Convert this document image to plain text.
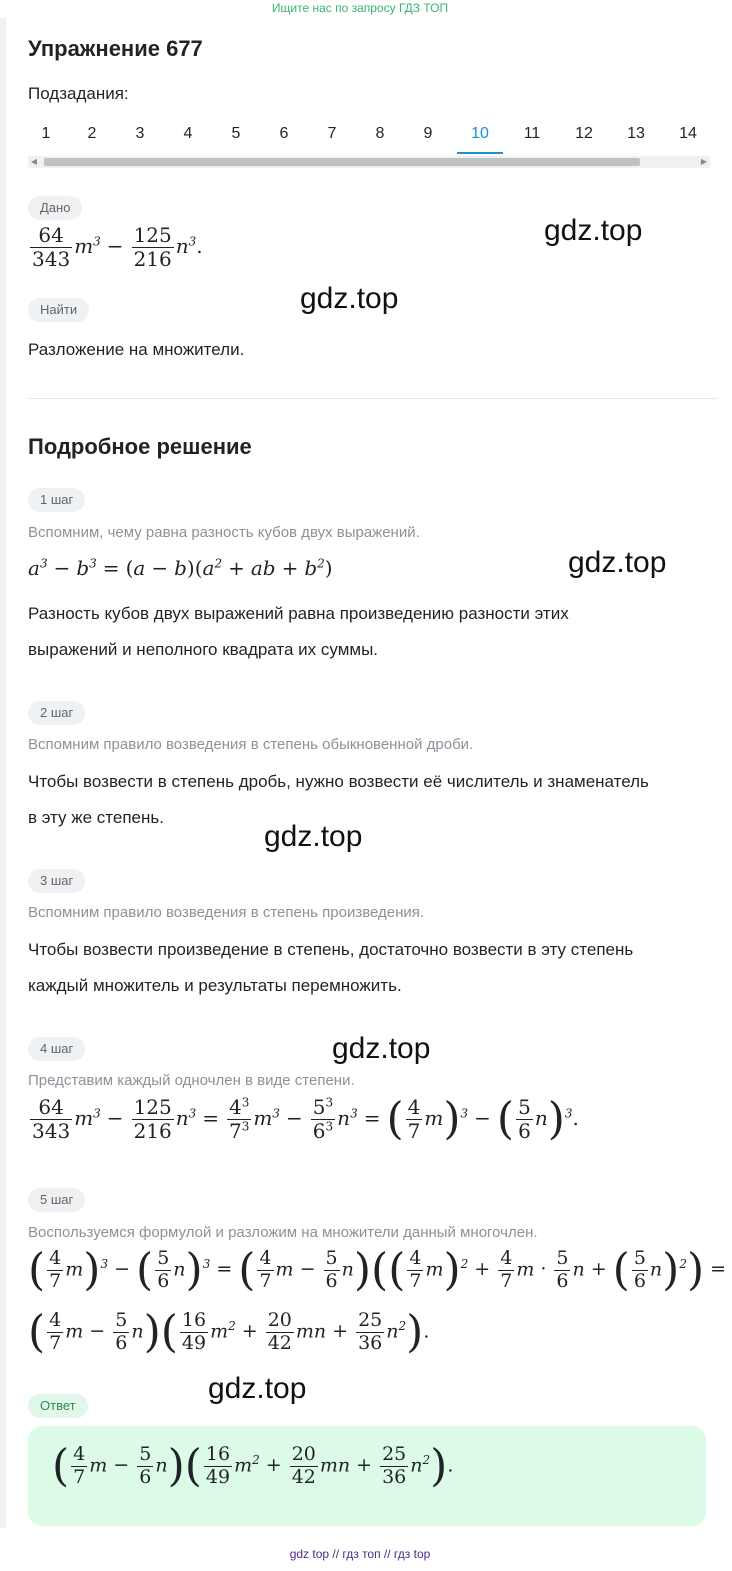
Ищите нас по запросу ГДЗ ТОП
Упражнение 677
Подзадания:
1	2	3	4	5	6	7	8	9	10	11 12 13 14
◀	▶
Дано
$\frac{64}{343} m^3 - \frac{125}{216} n^3$.	gdz.top
Найти	gdz.top
Разложение на множители.
Подробное решение
1 шаг
Вспомним, чему равна разность кубов двух выражений.
$a^3 - b^3 = (a - b)(a^2$ + ab + $b^2$)	gdz.top
Разность кубов двух выражений равна произведению разности этих
выражений и неполного квадрата их суммы.
2 шаг
Вспомним правило возведения в степень обыкновенной дроби.
Чтобы возвести в степень дробь, нужно возвести её числитель и знаменатель
в эту же степень.
gdz.top
3 шаг
Вспомним правило возведения в степень произведения.
Чтобы возвести произведение в степень, достаточно возвести в эту степень
каждый множитель и результаты перемножить.
4 шаг	gdz.top
Представим каждый одночлен в виде степени.
$\frac{64}{343} m^3 - \frac{125}{216} n^3 = \frac{4^3}{7^3} m^3 - \frac{5^3}{6^3} n^3$ = ( $\frac{4}{7} m)^3$ − ( $\frac{5}{6} n)^3$.
5 шаг
Воспользуемся формулой и разложим на множители данный многочлен.
( $\frac{4}{7} m)^3$ − ( $\frac{5}{6} n)^3$ = ( $\frac{4}{7}$ $m - \frac{5}{6} n)(( \frac{4}{7} m)^2 + \frac{4}{7}$ $m \cdot \frac{5}{6}$ n + ( $\frac{5}{6} n)^2$) =
( $\frac{4}{7}$ $m - \frac{5}{6} n)( \frac{16}{49} m^2 + \frac{20}{42}$ mn + $\frac{25}{36} n^2$).
gdz.top
Ответ
( $\frac{4}{7}$ $m - \frac{5}{6} n)( \frac{16}{49} m^2 + \frac{20}{42}$ mn + $\frac{25}{36} n^2$).
gdz top // гдз топ // гдз top
